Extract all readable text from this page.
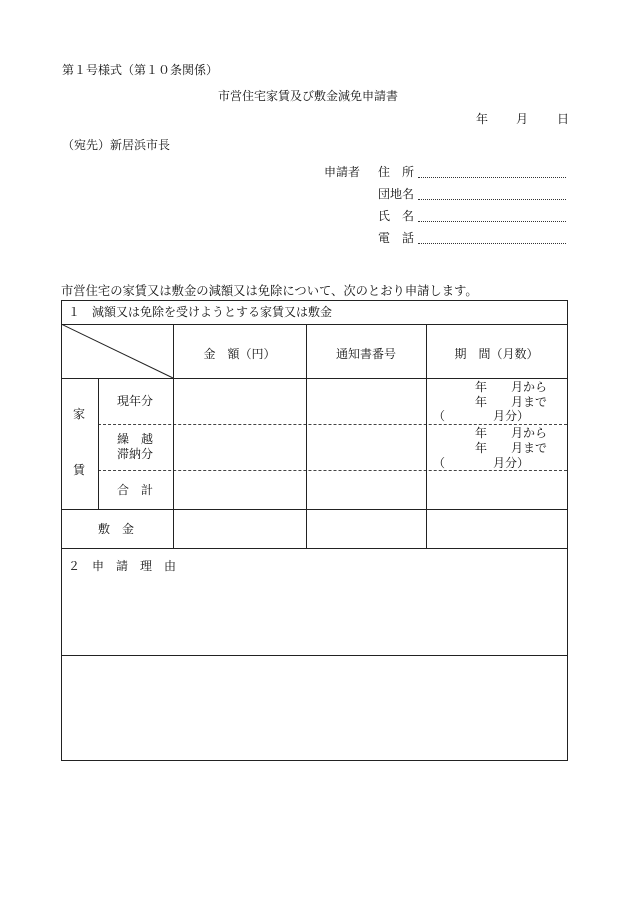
第１号様式（第１０条関係）
市営住宅家賃及び敷金減免申請書
年 月 日
（宛先）新居浜市長
申請者 住　所
団地名
氏　名
電　話
市営住宅の家賃又は敷金の減額又は免除について、次のとおり申請します。
１　減額又は免除を受けようとする家賃又は敷金
金　額（円）	通知書番号	期　間（月数）
家
賃
現年分
繰　越
滞納分
合　計
敷　金
年　　月から
年　　月まで
（　　　　月分）
年　　月から
年　　月まで
（　　　　月分）
２　申　請　理　由
